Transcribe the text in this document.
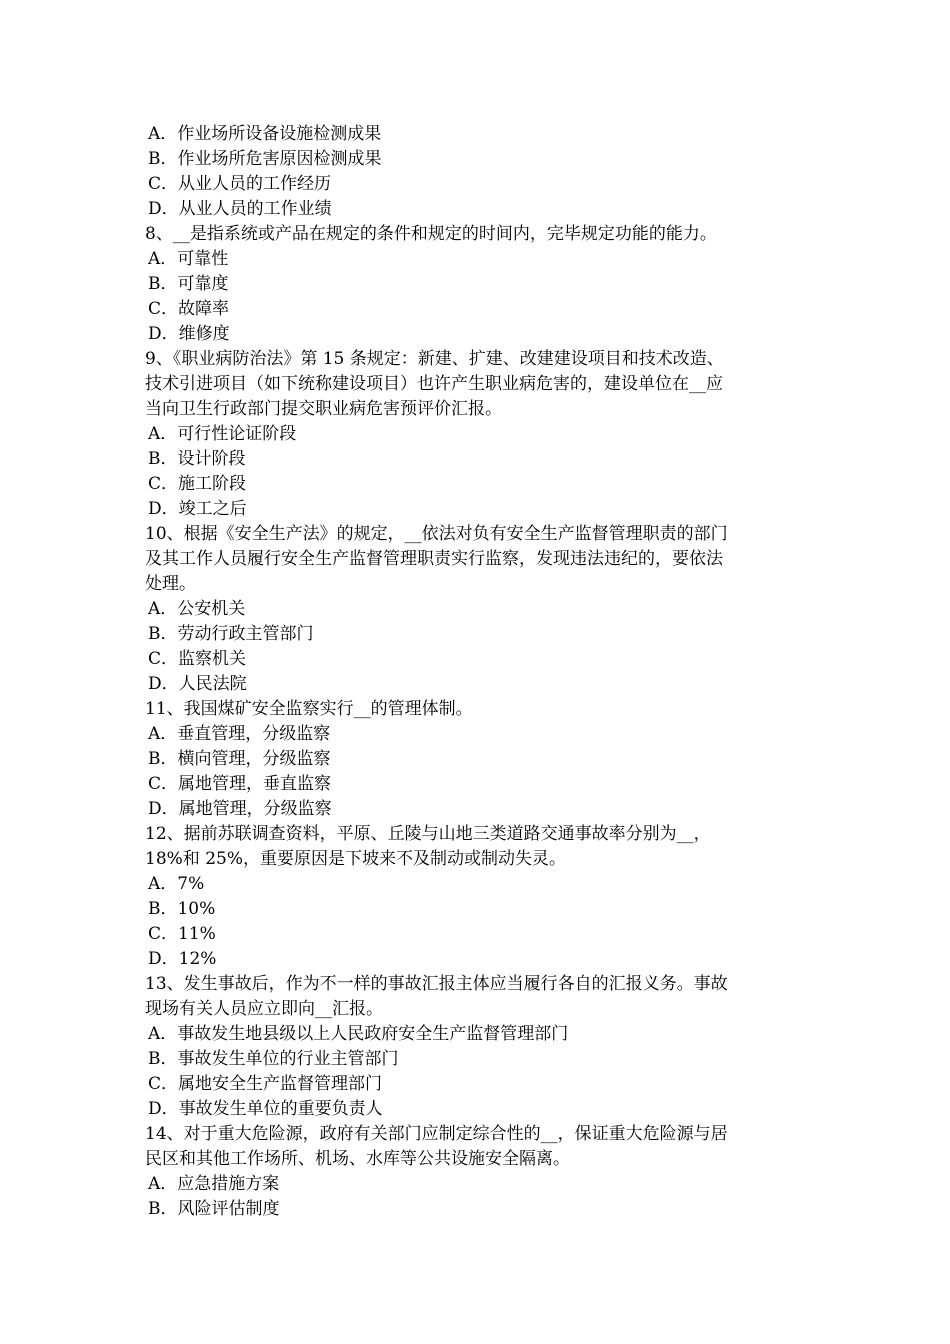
A．作业场所设备设施检测成果
B．作业场所危害原因检测成果
C．从业人员的工作经历
D．从业人员的工作业绩
8、__是指系统或产品在规定的条件和规定的时间内，完毕规定功能的能力。
A．可靠性
B．可靠度
C．故障率
D．维修度
9、《职业病防治法》第 15 条规定：新建、扩建、改建建设项目和技术改造、
技术引进项目（如下统称建设项目）也许产生职业病危害的，建设单位在__应
当向卫生行政部门提交职业病危害预评价汇报。
A．可行性论证阶段
B．设计阶段
C．施工阶段
D．竣工之后
10、根据《安全生产法》的规定，__依法对负有安全生产监督管理职责的部门
及其工作人员履行安全生产监督管理职责实行监察，发现违法违纪的，要依法
处理。
A．公安机关
B．劳动行政主管部门
C．监察机关
D．人民法院
11、我国煤矿安全监察实行__的管理体制。
A．垂直管理，分级监察
B．横向管理，分级监察
C．属地管理，垂直监察
D．属地管理，分级监察
12、据前苏联调查资料，平原、丘陵与山地三类道路交通事故率分别为__，
18%和 25%，重要原因是下坡来不及制动或制动失灵。
A．7%
B．10%
C．11%
D．12%
13、发生事故后，作为不一样的事故汇报主体应当履行各自的汇报义务。事故
现场有关人员应立即向__汇报。
A．事故发生地县级以上人民政府安全生产监督管理部门
B．事故发生单位的行业主管部门
C．属地安全生产监督管理部门
D．事故发生单位的重要负责人
14、对于重大危险源，政府有关部门应制定综合性的__，保证重大危险源与居
民区和其他工作场所、机场、水库等公共设施安全隔离。
A．应急措施方案
B．风险评估制度
